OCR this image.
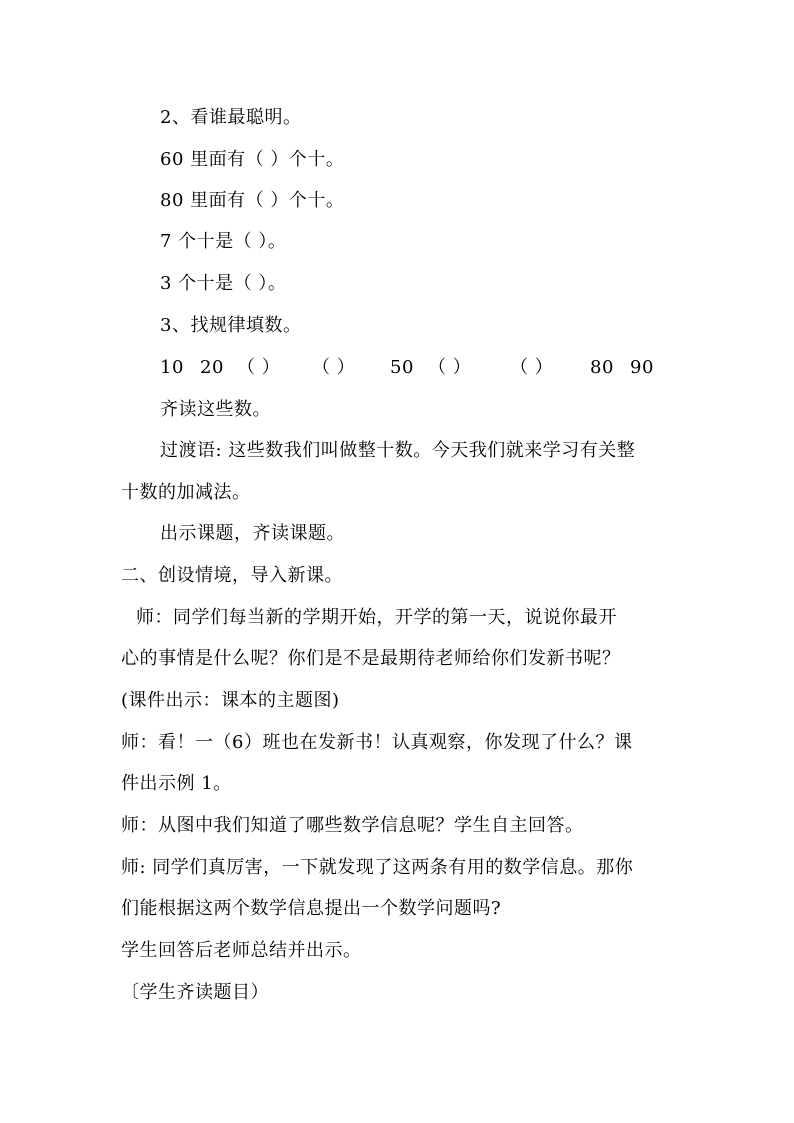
2、看谁最聪明。
60 里面有（ ）个十。
80 里面有（ ）个十。
7 个十是（ ）。
3 个十是（ ）。
3、找规律填数。
10 20 （ ） （ ） 50 （ ） （ ） 80 90
齐读这些数。
过渡语: 这些数我们叫做整十数。今天我们就来学习有关整
十数的加减法。
出示课题，齐读课题。
二、创设情境，导入新课。
师：同学们每当新的学期开始，开学的第一天，说说你最开
心的事情是什么呢？你们是不是最期待老师给你们发新书呢？
(课件出示：课本的主题图)
师：看！一（6）班也在发新书！认真观察，你发现了什么？课
件出示例 1。
师：从图中我们知道了哪些数学信息呢？学生自主回答。
师: 同学们真厉害，一下就发现了这两条有用的数学信息。那你
们能根据这两个数学信息提出一个数学问题吗?
学生回答后老师总结并出示。
〔学生齐读题目）
